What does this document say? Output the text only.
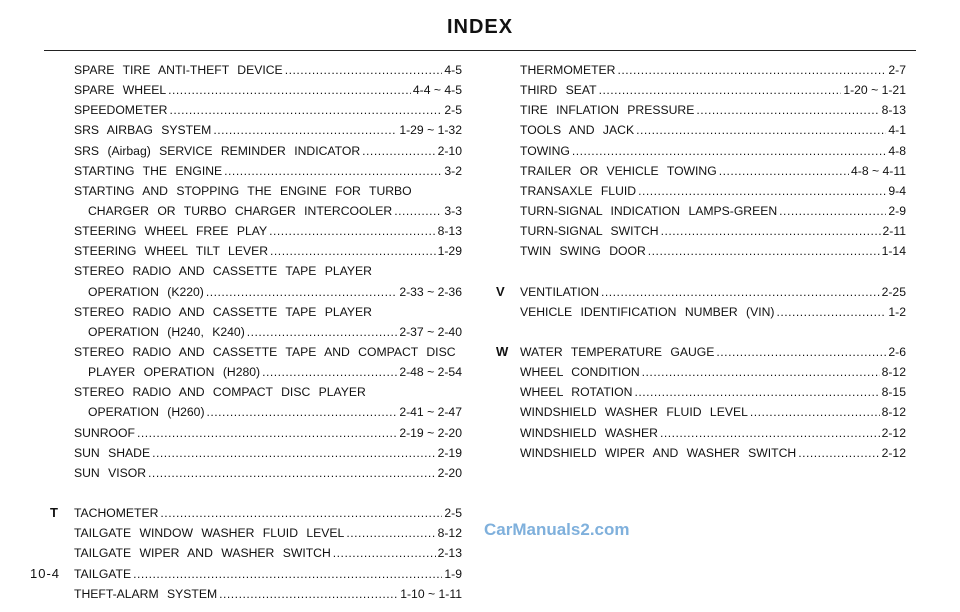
INDEX
SPARE TIRE ANTI-THEFT DEVICE .....	4-5
SPARE WHEEL .....	4-4 ~ 4-5
SPEEDOMETER .....	2-5
SRS AIRBAG SYSTEM .....	1-29 ~ 1-32
SRS (Airbag) SERVICE REMINDER INDICATOR .....	2-10
STARTING THE ENGINE .....	3-2
STARTING AND STOPPING THE ENGINE FOR TURBO
CHARGER OR TURBO CHARGER INTERCOOLER .....	3-3
STEERING WHEEL FREE PLAY .....	8-13
STEERING WHEEL TILT LEVER .....	1-29
STEREO RADIO AND CASSETTE TAPE PLAYER
OPERATION (K220) .....	2-33 ~ 2-36
STEREO RADIO AND CASSETTE TAPE PLAYER
OPERATION (H240, K240) .....	2-37 ~ 2-40
STEREO RADIO AND CASSETTE TAPE AND COMPACT DISC
PLAYER OPERATION (H280) .....	2-48 ~ 2-54
STEREO RADIO AND COMPACT DISC PLAYER
OPERATION (H260) .....	2-41 ~ 2-47
SUNROOF .....	2-19 ~ 2-20
SUN SHADE .....	2-19
SUN VISOR .....	2-20
T TACHOMETER .....	2-5
TAILGATE WINDOW WASHER FLUID LEVEL .....	8-12
TAILGATE WIPER AND WASHER SWITCH .....	2-13
TAILGATE .....	1-9
THEFT-ALARM SYSTEM .....	1-10 ~ 1-11
THERMOMETER .....	2-7
THIRD SEAT .....	1-20 ~ 1-21
TIRE INFLATION PRESSURE .....	8-13
TOOLS AND JACK .....	4-1
TOWING .....	4-8
TRAILER OR VEHICLE TOWING .....	4-8 ~ 4-11
TRANSAXLE FLUID .....	9-4
TURN-SIGNAL INDICATION LAMPS-GREEN .....	2-9
TURN-SIGNAL SWITCH .....	2-11
TWIN SWING DOOR .....	1-14
V VENTILATION .....	2-25
VEHICLE IDENTIFICATION NUMBER (VIN) .....	1-2
W WATER TEMPERATURE GAUGE .....	2-6
WHEEL CONDITION .....	8-12
WHEEL ROTATION .....	8-15
WINDSHIELD WASHER FLUID LEVEL .....	8-12
WINDSHIELD WASHER .....	2-12
WINDSHIELD WIPER AND WASHER SWITCH .....	2-12
CarManuals2.com
10-4
